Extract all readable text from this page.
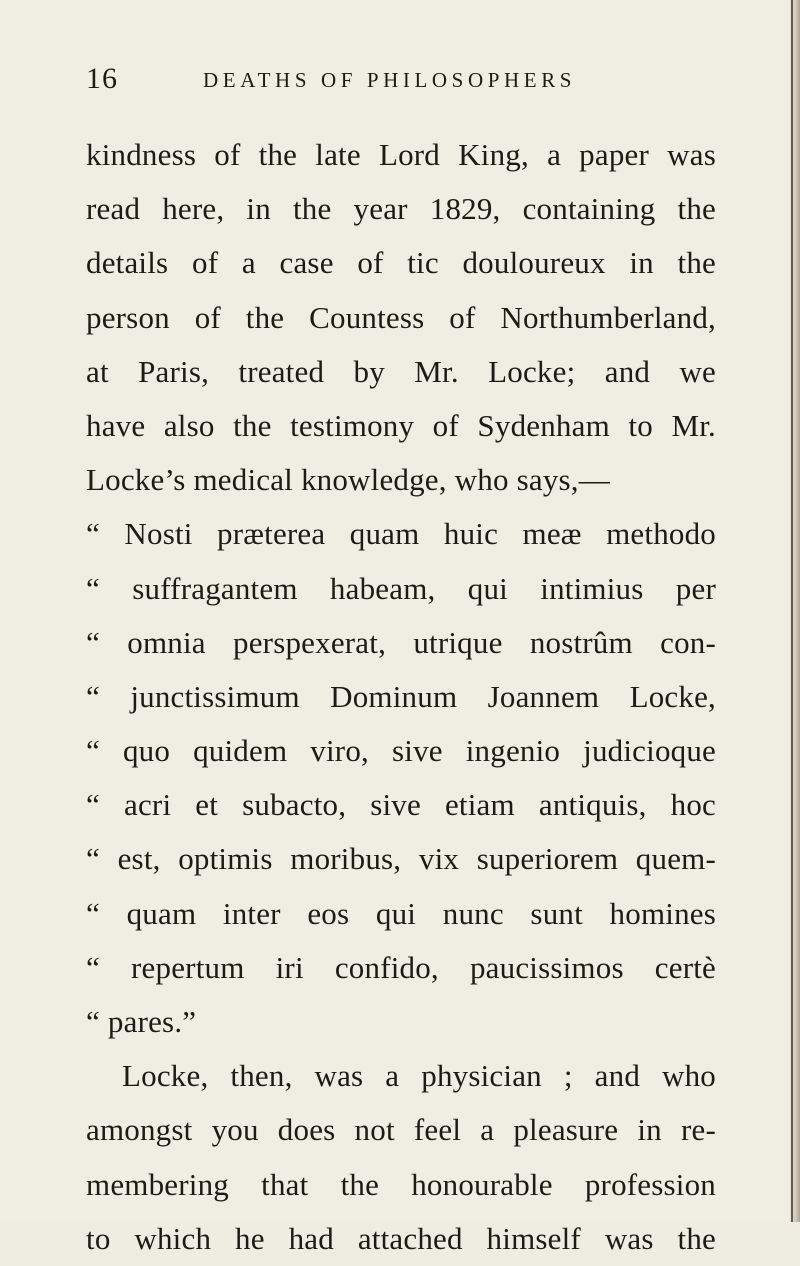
16	DEATHS OF PHILOSOPHERS
kindness of the late Lord King, a paper was
read here, in the year 1829, containing the
details of a case of tic douloureux in the
person of the Countess of Northumberland,
at Paris, treated by Mr. Locke; and we
have also the testimony of Sydenham to Mr.
Locke’s medical knowledge, who says,—
“ Nosti præterea quam huic meæ methodo
“ suffragantem habeam, qui intimius per
“ omnia perspexerat, utrique nostrûm con-
“ junctissimum Dominum Joannem Locke,
“ quo quidem viro, sive ingenio judicioque
“ acri et subacto, sive etiam antiquis, hoc
“ est, optimis moribus, vix superiorem quem-
“ quam inter eos qui nunc sunt homines
“ repertum iri confido, paucissimos certè
“ pares.”
Locke, then, was a physician ; and who
amongst you does not feel a pleasure in re-
membering that the honourable profession
to which he had attached himself was the
